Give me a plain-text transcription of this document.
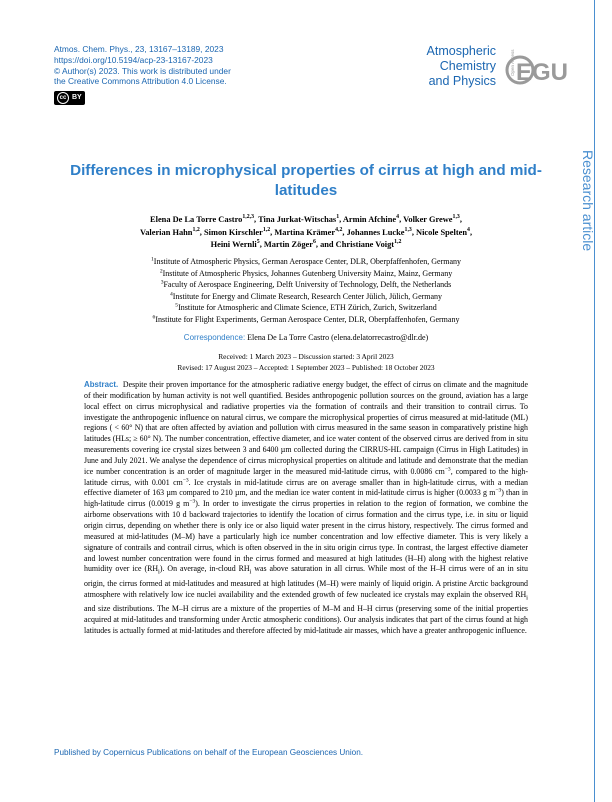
Research article
Atmos. Chem. Phys., 23, 13167–13189, 2023
https://doi.org/10.5194/acp-23-13167-2023
© Author(s) 2023. This work is distributed under
the Creative Commons Attribution 4.0 License.
cc BY
Atmospheric
Chemistry
and Physics
Open Access EGU
Differences in microphysical properties of cirrus at high and mid-latitudes
Elena De La Torre Castro$^{1,2,3}$, Tina Jurkat-Witschas$^1$, Armin Afchine$^4$, Volker Grewe$^{1,3}$,
Valerian Hahn$^{1,2}$, Simon Kirschler$^{1,2}$, Martina Krämer$^{4,2}$, Johannes Lucke$^{1,3}$, Nicole Spelten$^4$,
Heini Wernli$^5$, Martin Zöger$^6$, and Christiane Voigt$^{1,2}$
$^1$Institute of Atmospheric Physics, German Aerospace Center, DLR, Oberpfaffenhofen, Germany
$^2$Institute of Atmospheric Physics, Johannes Gutenberg University Mainz, Mainz, Germany
$^3$Faculty of Aerospace Engineering, Delft University of Technology, Delft, the Netherlands
$^4$Institute for Energy and Climate Research, Research Center Jülich, Jülich, Germany
$^5$Institute for Atmospheric and Climate Science, ETH Zürich, Zurich, Switzerland
$^6$Institute for Flight Experiments, German Aerospace Center, DLR, Oberpfaffenhofen, Germany
Correspondence: Elena De La Torre Castro (elena.delatorrecastro@dlr.de)
Received: 1 March 2023 – Discussion started: 3 April 2023
Revised: 17 August 2023 – Accepted: 1 September 2023 – Published: 18 October 2023

Abstract. Despite their proven importance for the atmospheric radiative energy budget, the effect of cirrus on climate and the magnitude of their modification by human activity is not well quantified. Besides anthropogenic pollution sources on the ground, aviation has a large local effect on cirrus microphysical and radiative properties via the formation of contrails and their transition to contrail cirrus. To investigate the anthropogenic influence on natural cirrus, we compare the microphysical properties of cirrus measured at mid-latitude (ML) regions ( < 60° N) that are often affected by aviation and pollution with cirrus measured in the same season in comparatively pristine high latitudes (HLs; ≥ 60° N). The number concentration, effective diameter, and ice water content of the observed cirrus are derived from in situ measurements covering ice crystal sizes between 3 and 6400 µm collected during the CIRRUS-HL campaign (Cirrus in High Latitudes) in June and July 2021. We analyse the dependence of cirrus microphysical properties on altitude and latitude and demonstrate that the median ice number concentration is an order of magnitude larger in the measured mid-latitude cirrus, with 0.0086 $cm^{-3}$, compared to the high-latitude cirrus, with 0.001 $cm^{-3}$. Ice crystals in mid-latitude cirrus are on average smaller than in high-latitude cirrus, with a median effective diameter of 163 µm compared to 210 µm, and the median ice water content in mid-latitude cirrus is higher (0.0033 g $m^{-3}$) than in high-latitude cirrus (0.0019 g $m^{-3}$). In order to investigate the cirrus properties in relation to the region of formation, we combine the airborne observations with 10 d backward trajectories to identify the location of cirrus formation and the cirrus type, i.e. in situ or liquid origin cirrus, depending on whether there is only ice or also liquid water present in the cirrus history, respectively. The cirrus formed and measured at mid-latitudes (M–M) have a particularly high ice number concentration and low effective diameter. This is very likely a signature of contrails and contrail cirrus, which is often observed in the in situ origin cirrus type. In contrast, the largest effective diameter and lowest number concentration were found in the cirrus formed and measured at high latitudes (H–H) along with the highest relative humidity over ice $(RH_i)$. On average, in-cloud $RH_i$ was above saturation in all cirrus. While most of the H–H cirrus were of an in situ origin, the cirrus formed at mid-latitudes and measured at high latitudes (M–H) were mainly of liquid origin. A pristine Arctic background atmosphere with relatively low ice nuclei availability and the extended growth of few nucleated ice crystals may explain the observed $RH_i$ and size distributions. The M–H cirrus are a mixture of the properties of M–M and H–H cirrus (preserving some of the initial properties acquired at mid-latitudes and transforming under Arctic atmospheric conditions). Our analysis indicates that part of the cirrus found at high latitudes is actually formed at mid-latitudes and therefore affected by mid-latitude air masses, which have a greater anthropogenic influence.

Published by Copernicus Publications on behalf of the European Geosciences Union.
